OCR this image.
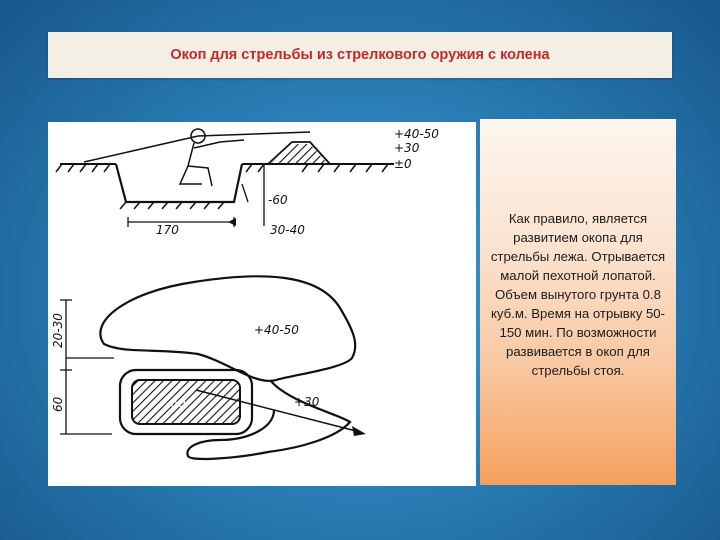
Окоп для стрельбы из стрелкового оружия с колена
+40-50
+30
±0
-60
170	30-40
+40-50
+30
-60
20-30
60
Как правило, является развитием окопа для стрельбы лежа. Отрывается малой пехотной лопатой. Объем вынутого грунта 0.8 куб.м. Время на отрывку 50-150 мин. По возможности развивается в окоп для стрельбы стоя.
